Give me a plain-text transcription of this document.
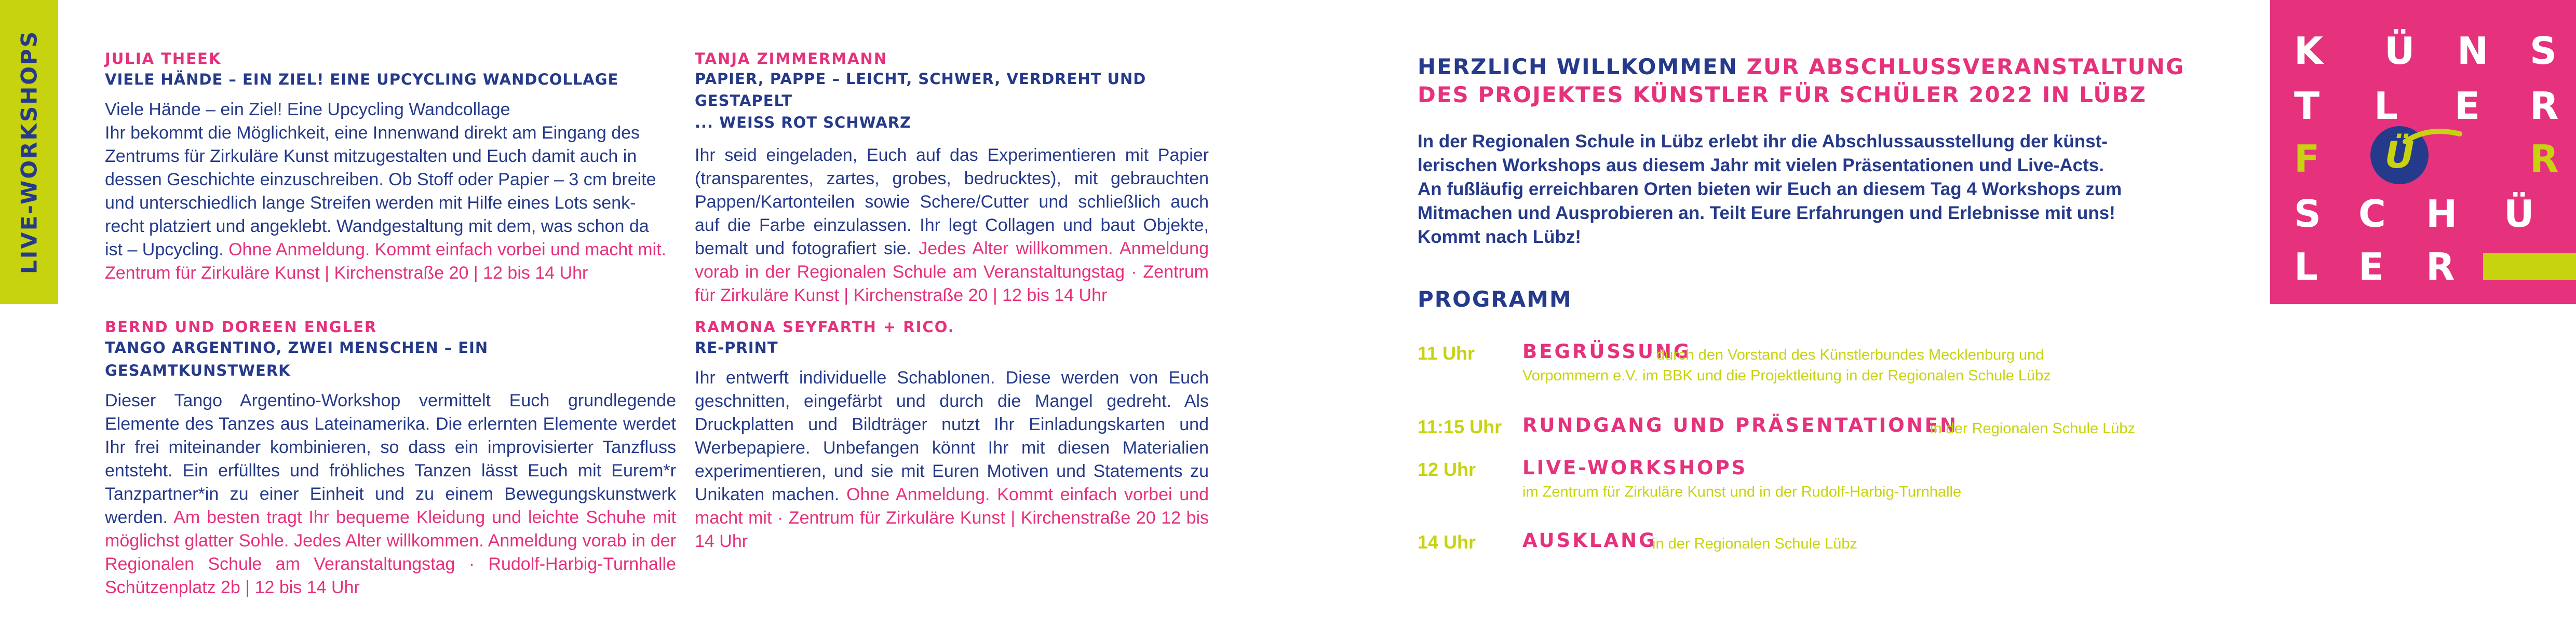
LIVE-WORKSHOPS	JULIA THEEK

VIELE HÄNDE – EIN ZIEL! EINE UPCYCLING WANDCOLLAGE

Viele Hände – ein Ziel! Eine Upcycling Wandcollage
Ihr bekommt die Möglichkeit, eine Innenwand direkt am Eingang des
Zentrums für Zirkuläre Kunst mitzugestalten und Euch damit auch in
dessen Geschichte einzuschreiben. Ob Stoff oder Papier – 3 cm breite
und unterschiedlich lange Streifen werden mit Hilfe eines Lots senk-
recht platziert und angeklebt. Wandgestaltung mit dem, was schon da
ist – Upcycling. Ohne Anmeldung. Kommt einfach vorbei und macht mit. Zentrum für Zirkuläre Kunst | Kirchenstraße 20 | 12 bis 14 Uhr

BERND UND DOREEN ENGLER

TANGO ARGENTINO, ZWEI MENSCHEN – EIN GESAMTKUNSTWERK

Dieser Tango Argentino-Workshop vermittelt Euch grundlegende Elemente des Tanzes aus Lateinamerika. Die erlernten Elemente werdet Ihr frei miteinander kombinieren, so dass ein improvisierter Tanzfluss entsteht. Ein erfülltes und fröhliches Tanzen lässt Euch mit Eurem*r Tanzpartner*in zu einer Einheit und zu einem Bewegungskunstwerk werden. Am besten tragt Ihr bequeme Kleidung und leichte Schuhe mit möglichst glatter Sohle. Jedes Alter willkommen. Anmeldung vorab in der Regionalen Schule am Veranstaltungstag · Rudolf-Harbig-Turnhalle Schützenplatz 2b | 12 bis 14 Uhr

TANJA ZIMMERMANN

PAPIER, PAPPE – LEICHT, SCHWER, VERDREHT UND GESTAPELT

... WEISS ROT SCHWARZ

Ihr seid eingeladen, Euch auf das Experimentieren mit Papier (transparentes, zartes, grobes, bedrucktes), mit gebrauchten Pappen/Kartonteilen sowie Schere/Cutter und schließlich auch auf die Farbe einzulassen. Ihr legt Collagen und baut Objekte, bemalt und fotografiert sie. Jedes Alter willkommen. Anmeldung vorab in der Regionalen Schule am Veranstaltungstag · Zentrum für Zirkuläre Kunst | Kirchenstraße 20 | 12 bis 14 Uhr

RAMONA SEYFARTH + RICO.

RE-PRINT

Ihr entwerft individuelle Schablonen. Diese werden von Euch geschnitten, eingefärbt und durch die Mangel gedreht. Als Druckplatten und Bildträger nutzt Ihr Einladungskarten und Werbepapiere. Unbefangen könnt Ihr mit diesen Materialien experimentieren, und sie mit Euren Motiven und Statements zu Unikaten machen. Ohne Anmeldung. Kommt einfach vorbei und macht mit · Zentrum für Zirkuläre Kunst | Kirchenstraße 20 12 bis 14 Uhr
HERZLICH WILLKOMMEN ZUR ABSCHLUSSVERANSTALTUNG
DES PROJEKTES KÜNSTLER FÜR SCHÜLER 2022 IN LÜBZ
In der Regionalen Schule in Lübz erlebt ihr die Abschlussausstellung der künst-
lerischen Workshops aus diesem Jahr mit vielen Präsentationen und Live-Acts.
An fußläufig erreichbaren Orten bieten wir Euch an diesem Tag 4 Workshops zum
Mitmachen und Ausprobieren an. Teilt Eure Erfahrungen und Erlebnisse mit uns!
Kommt nach Lübz!
PROGRAMM
11 Uhr BEGRÜSSUNG
durch den Vorstand des Künstlerbundes Mecklenburg und
Vorpommern e.V. im BBK und die Projektleitung in der Regionalen Schule Lübz
11:15 Uhr RUNDGANG UND PRÄSENTATIONEN
in der Regionalen Schule Lübz
12 Uhr LIVE-WORKSHOPS
im Zentrum für Zirkuläre Kunst und in der Rudolf-Harbig-Turnhalle
14 Uhr AUSKLANG
in der Regionalen Schule Lübz
K Ü N S
T L E R
F	Ü	R
S C H Ü
L E R
